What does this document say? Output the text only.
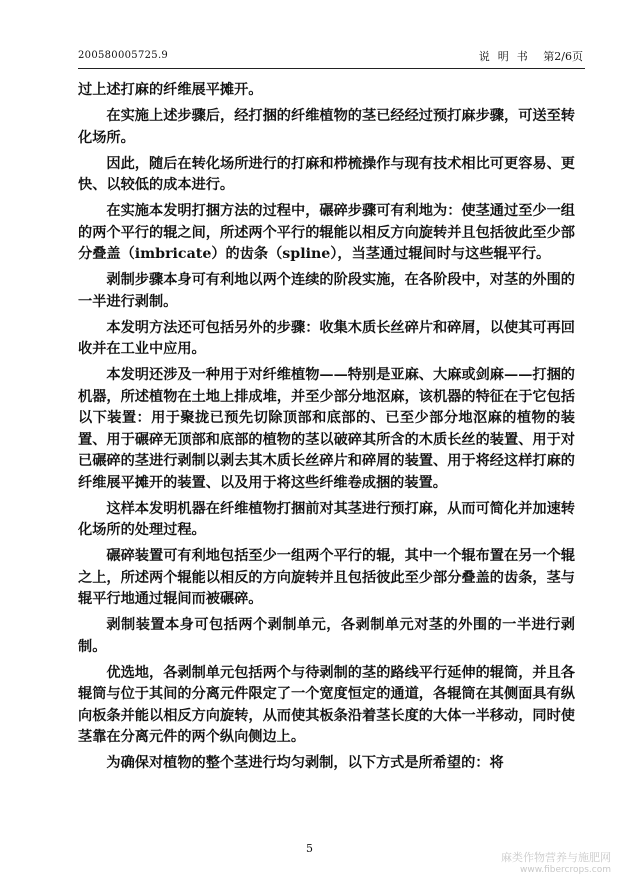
200580005725.9	说明书 第2/6页

过上述打麻的纤维展平摊开。

在实施上述步骤后，经打捆的纤维植物的茎已经经过预打麻步骤，可送至转化场所。

因此，随后在转化场所进行的打麻和栉梳操作与现有技术相比可更容易、更快、以较低的成本进行。

在实施本发明打捆方法的过程中，碾碎步骤可有利地为：使茎通过至少一组的两个平行的辊之间，所述两个平行的辊能以相反方向旋转并且包括彼此至少部分叠盖（imbricate）的齿条（spline），当茎通过辊间时与这些辊平行。

剥制步骤本身可有利地以两个连续的阶段实施，在各阶段中，对茎的外围的一半进行剥制。

本发明方法还可包括另外的步骤：收集木质长丝碎片和碎屑，以使其可再回收并在工业中应用。

本发明还涉及一种用于对纤维植物——特别是亚麻、大麻或剑麻——打捆的机器，所述植物在土地上排成堆，并至少部分地沤麻，该机器的特征在于它包括以下装置：用于聚拢已预先切除顶部和底部的、已至少部分地沤麻的植物的装置、用于碾碎无顶部和底部的植物的茎以破碎其所含的木质长丝的装置、用于对已碾碎的茎进行剥制以剥去其木质长丝碎片和碎屑的装置、用于将经这样打麻的纤维展平摊开的装置、以及用于将这些纤维卷成捆的装置。

这样本发明机器在纤维植物打捆前对其茎进行预打麻，从而可简化并加速转化场所的处理过程。

碾碎装置可有利地包括至少一组两个平行的辊，其中一个辊布置在另一个辊之上，所述两个辊能以相反的方向旋转并且包括彼此至少部分叠盖的齿条，茎与辊平行地通过辊间而被碾碎。

剥制装置本身可包括两个剥制单元，各剥制单元对茎的外围的一半进行剥制。

优选地，各剥制单元包括两个与待剥制的茎的路线平行延伸的辊筒，并且各辊筒与位于其间的分离元件限定了一个宽度恒定的通道，各辊筒在其侧面具有纵向板条并能以相反方向旋转，从而使其板条沿着茎长度的大体一半移动，同时使茎靠在分离元件的两个纵向侧边上。

为确保对植物的整个茎进行均匀剥制，以下方式是所希望的：将

5
麻类作物营养与施肥网
www.fibercrops.com
